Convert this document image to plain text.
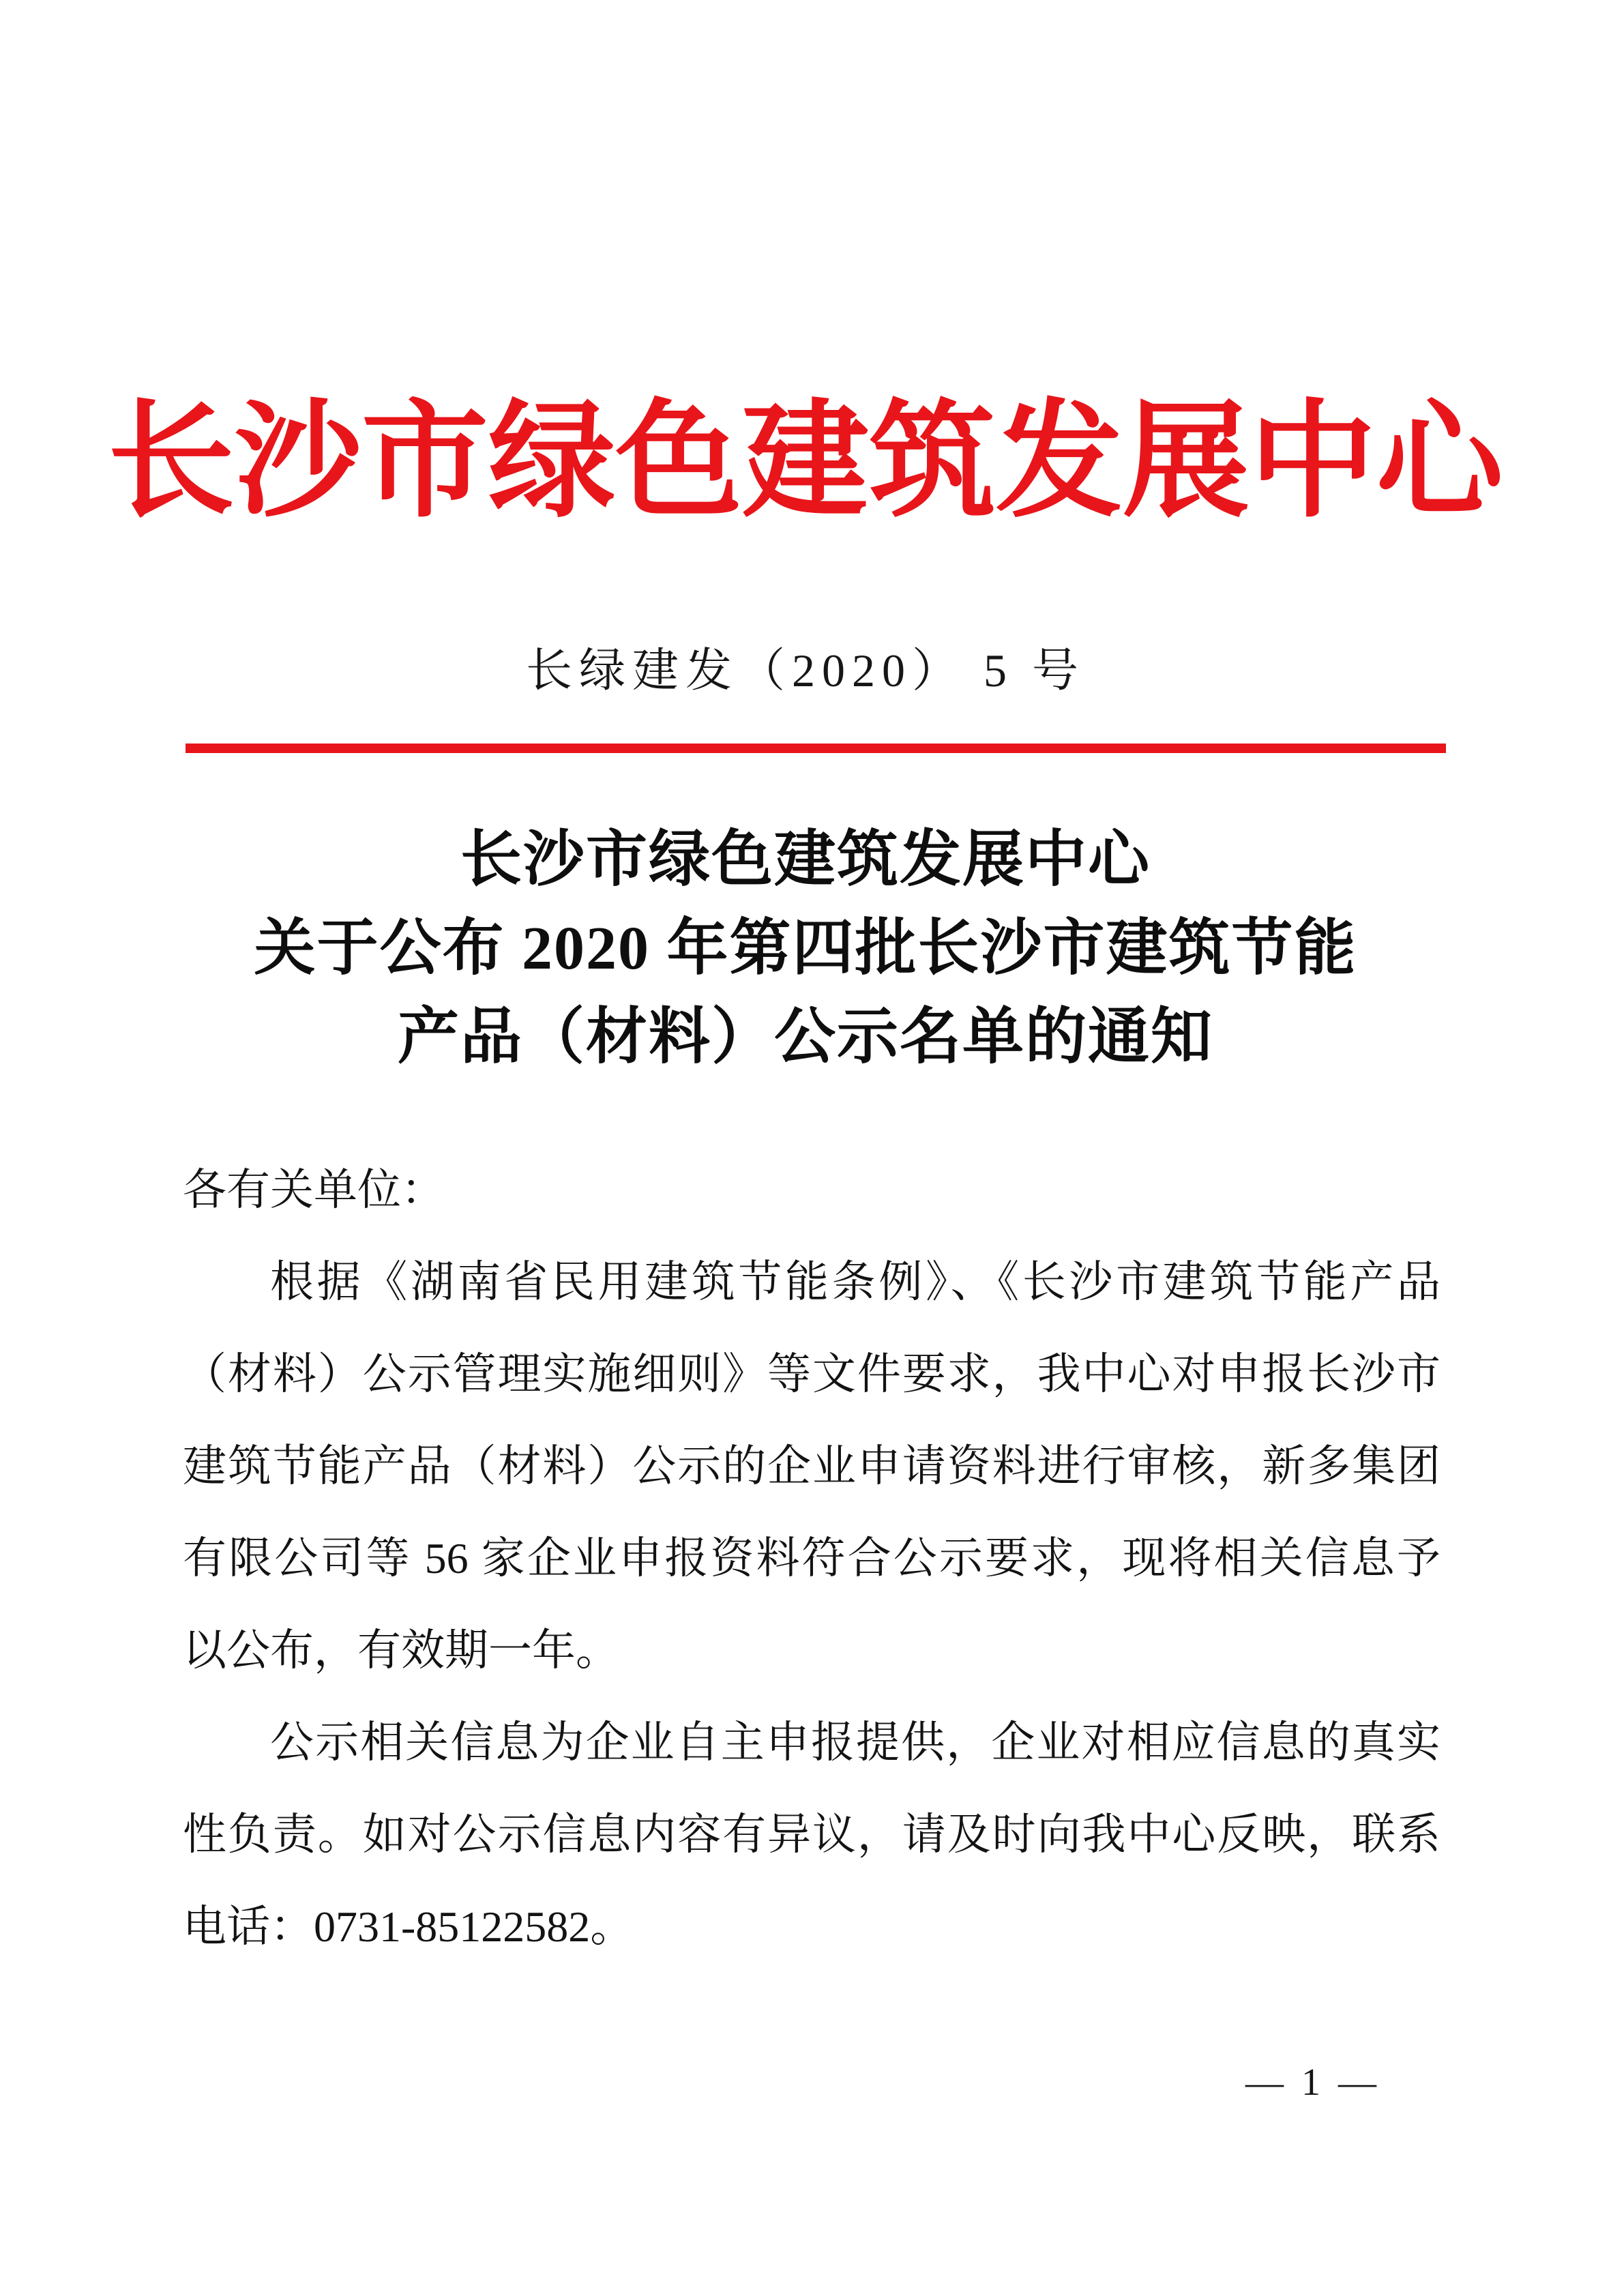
长沙市绿色建筑发展中心
长绿建发（2020） 5 号
长沙市绿色建筑发展中心
关于公布 2020 年第四批长沙市建筑节能
产品（材料）公示名单的通知
各有关单位：
根据《湖南省民用建筑节能条例》、《长沙市建筑节能产品
（材料）公示管理实施细则》等文件要求，我中心对申报长沙市
建筑节能产品（材料）公示的企业申请资料进行审核，新多集团
有限公司等 56 家企业申报资料符合公示要求，现将相关信息予
以公布，有效期一年。
公示相关信息为企业自主申报提供，企业对相应信息的真实
性负责。如对公示信息内容有异议，请及时向我中心反映，联系
电话：0731-85122582。
— 1 —
